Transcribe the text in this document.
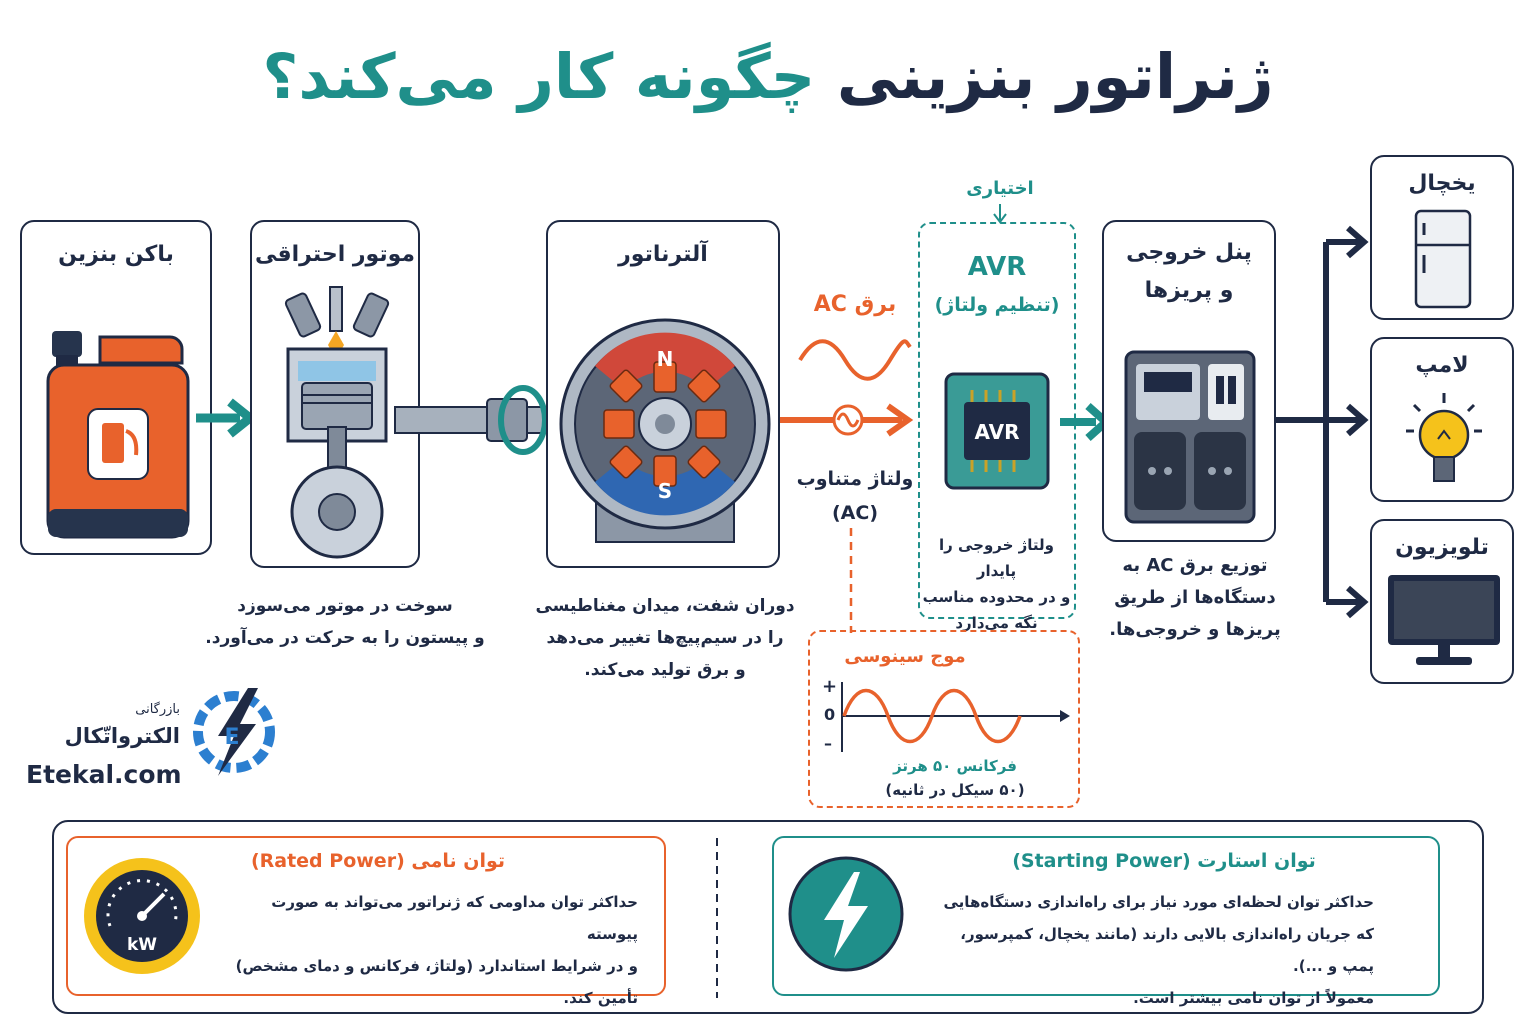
ژنراتور بنزینی چگونه کار می‌کند؟
باکن بنزین	موتور احتراقی	آلترناتور
N
S
برق AC
ولتاژ متناوب
(AC)
اختیاری
AVR
(تنظیم ولتاژ)
AVR
ولتاژ خروجی را پایدار
و در محدوده مناسب
نگه می‌دارد
پنل خروجی
و پریزها
یخچال
لامپ
تلویزیون
سوخت در موتور می‌سوزد
و پیستون را به حرکت در می‌آورد.
دوران شفت، میدان مغناطیسی
را در سیم‌پیچ‌ها تغییر می‌دهد
و برق تولید می‌کند.
توزیع برق AC به
دستگاه‌ها از طریق
پریزها و خروجی‌ها.
موج سینوسی
+
0
–
فرکانس ۵۰ هرتز
(۵۰ سیکل در ثانیه)
بازرگانی
الکترواتّکال
Etekal.com
E
kW
توان نامی (Rated Power)
حداکثر توان مداومی که ژنراتور می‌تواند به صورت پیوسته
و در شرایط استاندارد (ولتاژ، فرکانس و دمای مشخص)
تأمین کند.
توان استارت (Starting Power)
حداکثر توان لحظه‌ای مورد نیاز برای راه‌اندازی دستگاه‌هایی
که جریان راه‌اندازی بالایی دارند (مانند یخچال، کمپرسور، پمپ و ...).
معمولاً از توان نامی بیشتر است.
